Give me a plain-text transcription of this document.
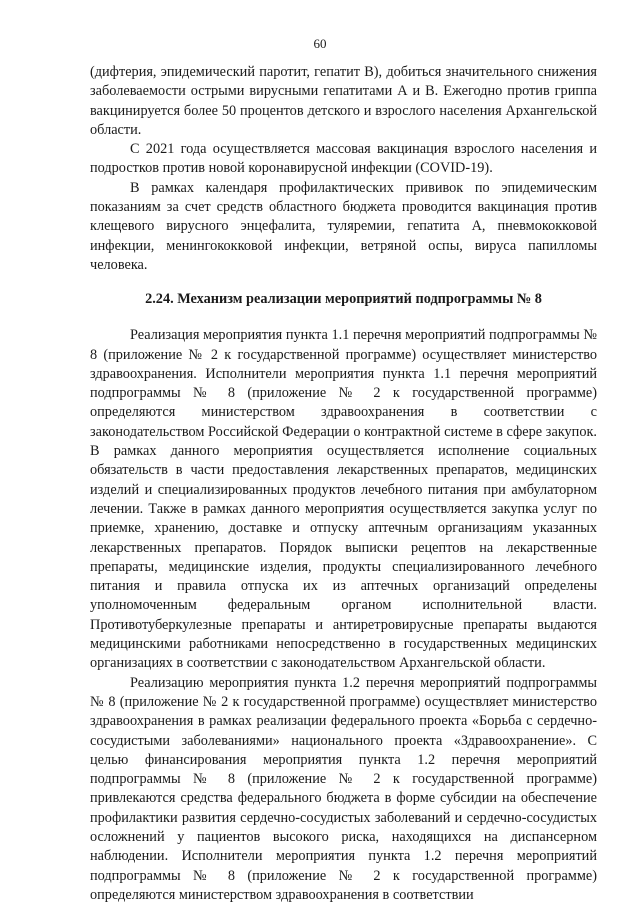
60

(дифтерия, эпидемический паротит, гепатит В), добиться значительного снижения заболеваемости острыми вирусными гепатитами А и В. Ежегодно против гриппа вакцинируется более 50 процентов детского и взрослого населения Архангельской области.

С 2021 года осуществляется массовая вакцинация взрослого населения и подростков против новой коронавирусной инфекции (COVID-19).

В рамках календаря профилактических прививок по эпидемическим показаниям за счет средств областного бюджета проводится вакцинация против клещевого вирусного энцефалита, туляремии, гепатита А, пневмококковой инфекции, менингококковой инфекции, ветряной оспы, вируса папилломы человека.

2.24. Механизм реализации мероприятий подпрограммы № 8

Реализация мероприятия пункта 1.1 перечня мероприятий подпрограммы № 8 (приложение № 2 к государственной программе) осуществляет министерство здравоохранения. Исполнители мероприятия пункта 1.1 перечня мероприятий подпрограммы № 8 (приложение № 2 к государственной программе) определяются министерством здравоохранения в соответствии с законодательством Российской Федерации о контрактной системе в сфере закупок. В рамках данного мероприятия осуществляется исполнение социальных обязательств в части предоставления лекарственных препаратов, медицинских изделий и специализированных продуктов лечебного питания при амбулаторном лечении. Также в рамках данного мероприятия осуществляется закупка услуг по приемке, хранению, доставке и отпуску аптечным организациям указанных лекарственных препаратов. Порядок выписки рецептов на лекарственные препараты, медицинские изделия, продукты специализированного лечебного питания и правила отпуска их из аптечных организаций определены уполномоченным федеральным органом исполнительной власти. Противотуберкулезные препараты и антиретровирусные препараты выдаются медицинскими работниками непосредственно в государственных медицинских организациях в соответствии с законодательством Архангельской области.

Реализацию мероприятия пункта 1.2 перечня мероприятий подпрограммы № 8 (приложение № 2 к государственной программе) осуществляет министерство здравоохранения в рамках реализации федерального проекта «Борьба с сердечно-сосудистыми заболеваниями» национального проекта «Здравоохранение». С целью финансирования мероприятия пункта 1.2 перечня мероприятий подпрограммы № 8 (приложение № 2 к государственной программе) привлекаются средства федерального бюджета в форме субсидии на обеспечение профилактики развития сердечно-сосудистых заболеваний и сердечно-сосудистых осложнений у пациентов высокого риска, находящихся на диспансерном наблюдении. Исполнители мероприятия пункта 1.2 перечня мероприятий подпрограммы № 8 (приложение № 2 к государственной программе) определяются министерством здравоохранения в соответствии
